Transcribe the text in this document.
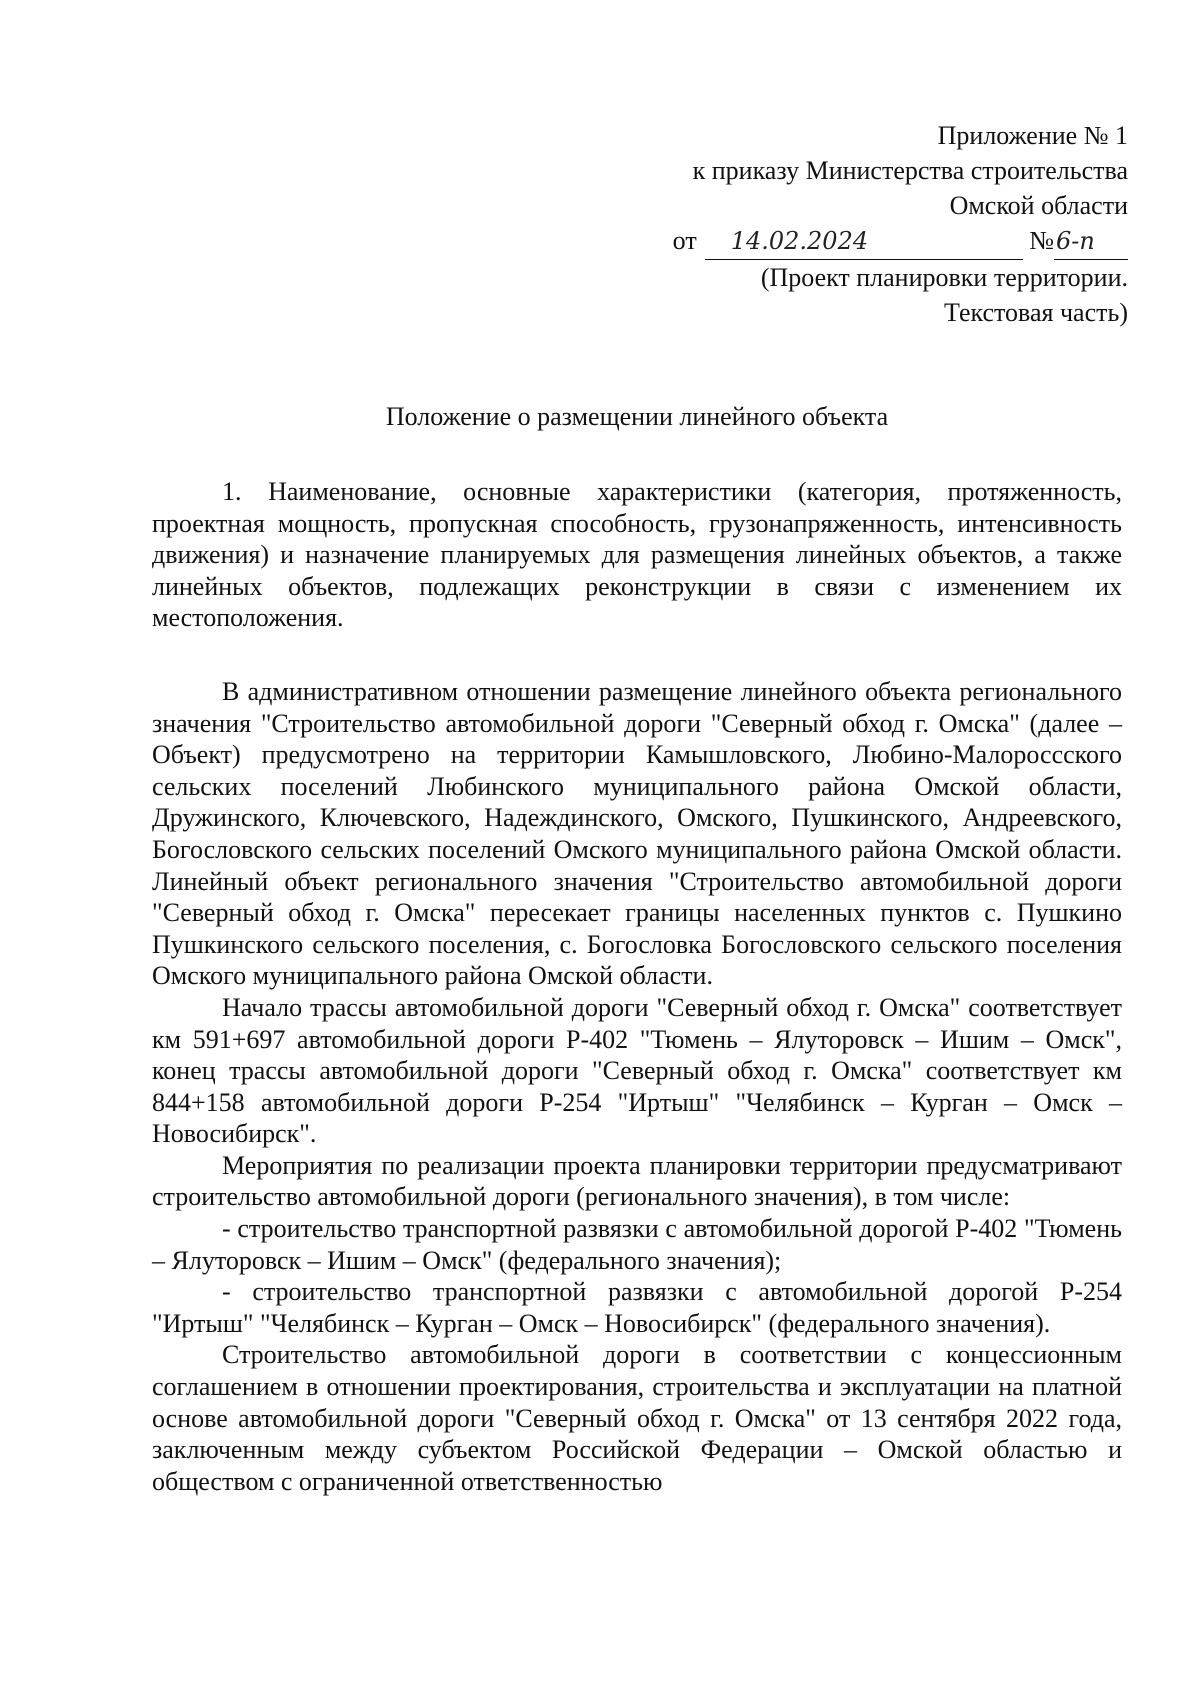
Приложение № 1
к приказу Министерства строительства
Омской области
от 14.02.2024	№6-п
(Проект планировки территории.
Текстовая часть)
Положение о размещении линейного объекта

1. Наименование, основные характеристики (категория, протяженность, проектная мощность, пропускная способность, грузонапряженность, интенсивность движения) и назначение планируемых для размещения линейных объектов, а также линейных объектов, подлежащих реконструкции в связи с изменением их местоположения.

В административном отношении размещение линейного объекта регионального значения "Строительство автомобильной дороги "Северный обход г. Омска" (далее – Объект) предусмотрено на территории Камышловского, Любино-Малороссского сельских поселений Любинского муниципального района Омской области, Дружинского, Ключевского, Надеждинского, Омского, Пушкинского, Андреевского, Богословского сельских поселений Омского муниципального района Омской области. Линейный объект регионального значения "Строительство автомобильной дороги "Северный обход г. Омска" пересекает границы населенных пунктов с. Пушкино Пушкинского сельского поселения, с. Богословка Богословского сельского поселения Омского муниципального района Омской области.

Начало трассы автомобильной дороги "Северный обход г. Омска" соответствует км 591+697 автомобильной дороги Р-402 "Тюмень – Ялуторовск – Ишим – Омск", конец трассы автомобильной дороги "Северный обход г. Омска" соответствует км 844+158 автомобильной дороги Р-254 "Иртыш" "Челябинск – Курган – Омск – Новосибирск".

Мероприятия по реализации проекта планировки территории предусматривают строительство автомобильной дороги (регионального значения), в том числе:

- строительство транспортной развязки с автомобильной дорогой Р-402 "Тюмень – Ялуторовск – Ишим – Омск" (федерального значения);

- строительство транспортной развязки с автомобильной дорогой Р-254 "Иртыш" "Челябинск – Курган – Омск – Новосибирск" (федерального значения).

Строительство автомобильной дороги в соответствии с концессионным соглашением в отношении проектирования, строительства и эксплуатации на платной основе автомобильной дороги "Северный обход г. Омска" от 13 сентября 2022 года, заключенным между субъектом Российской Федерации – Омской областью и обществом с ограниченной ответственностью
